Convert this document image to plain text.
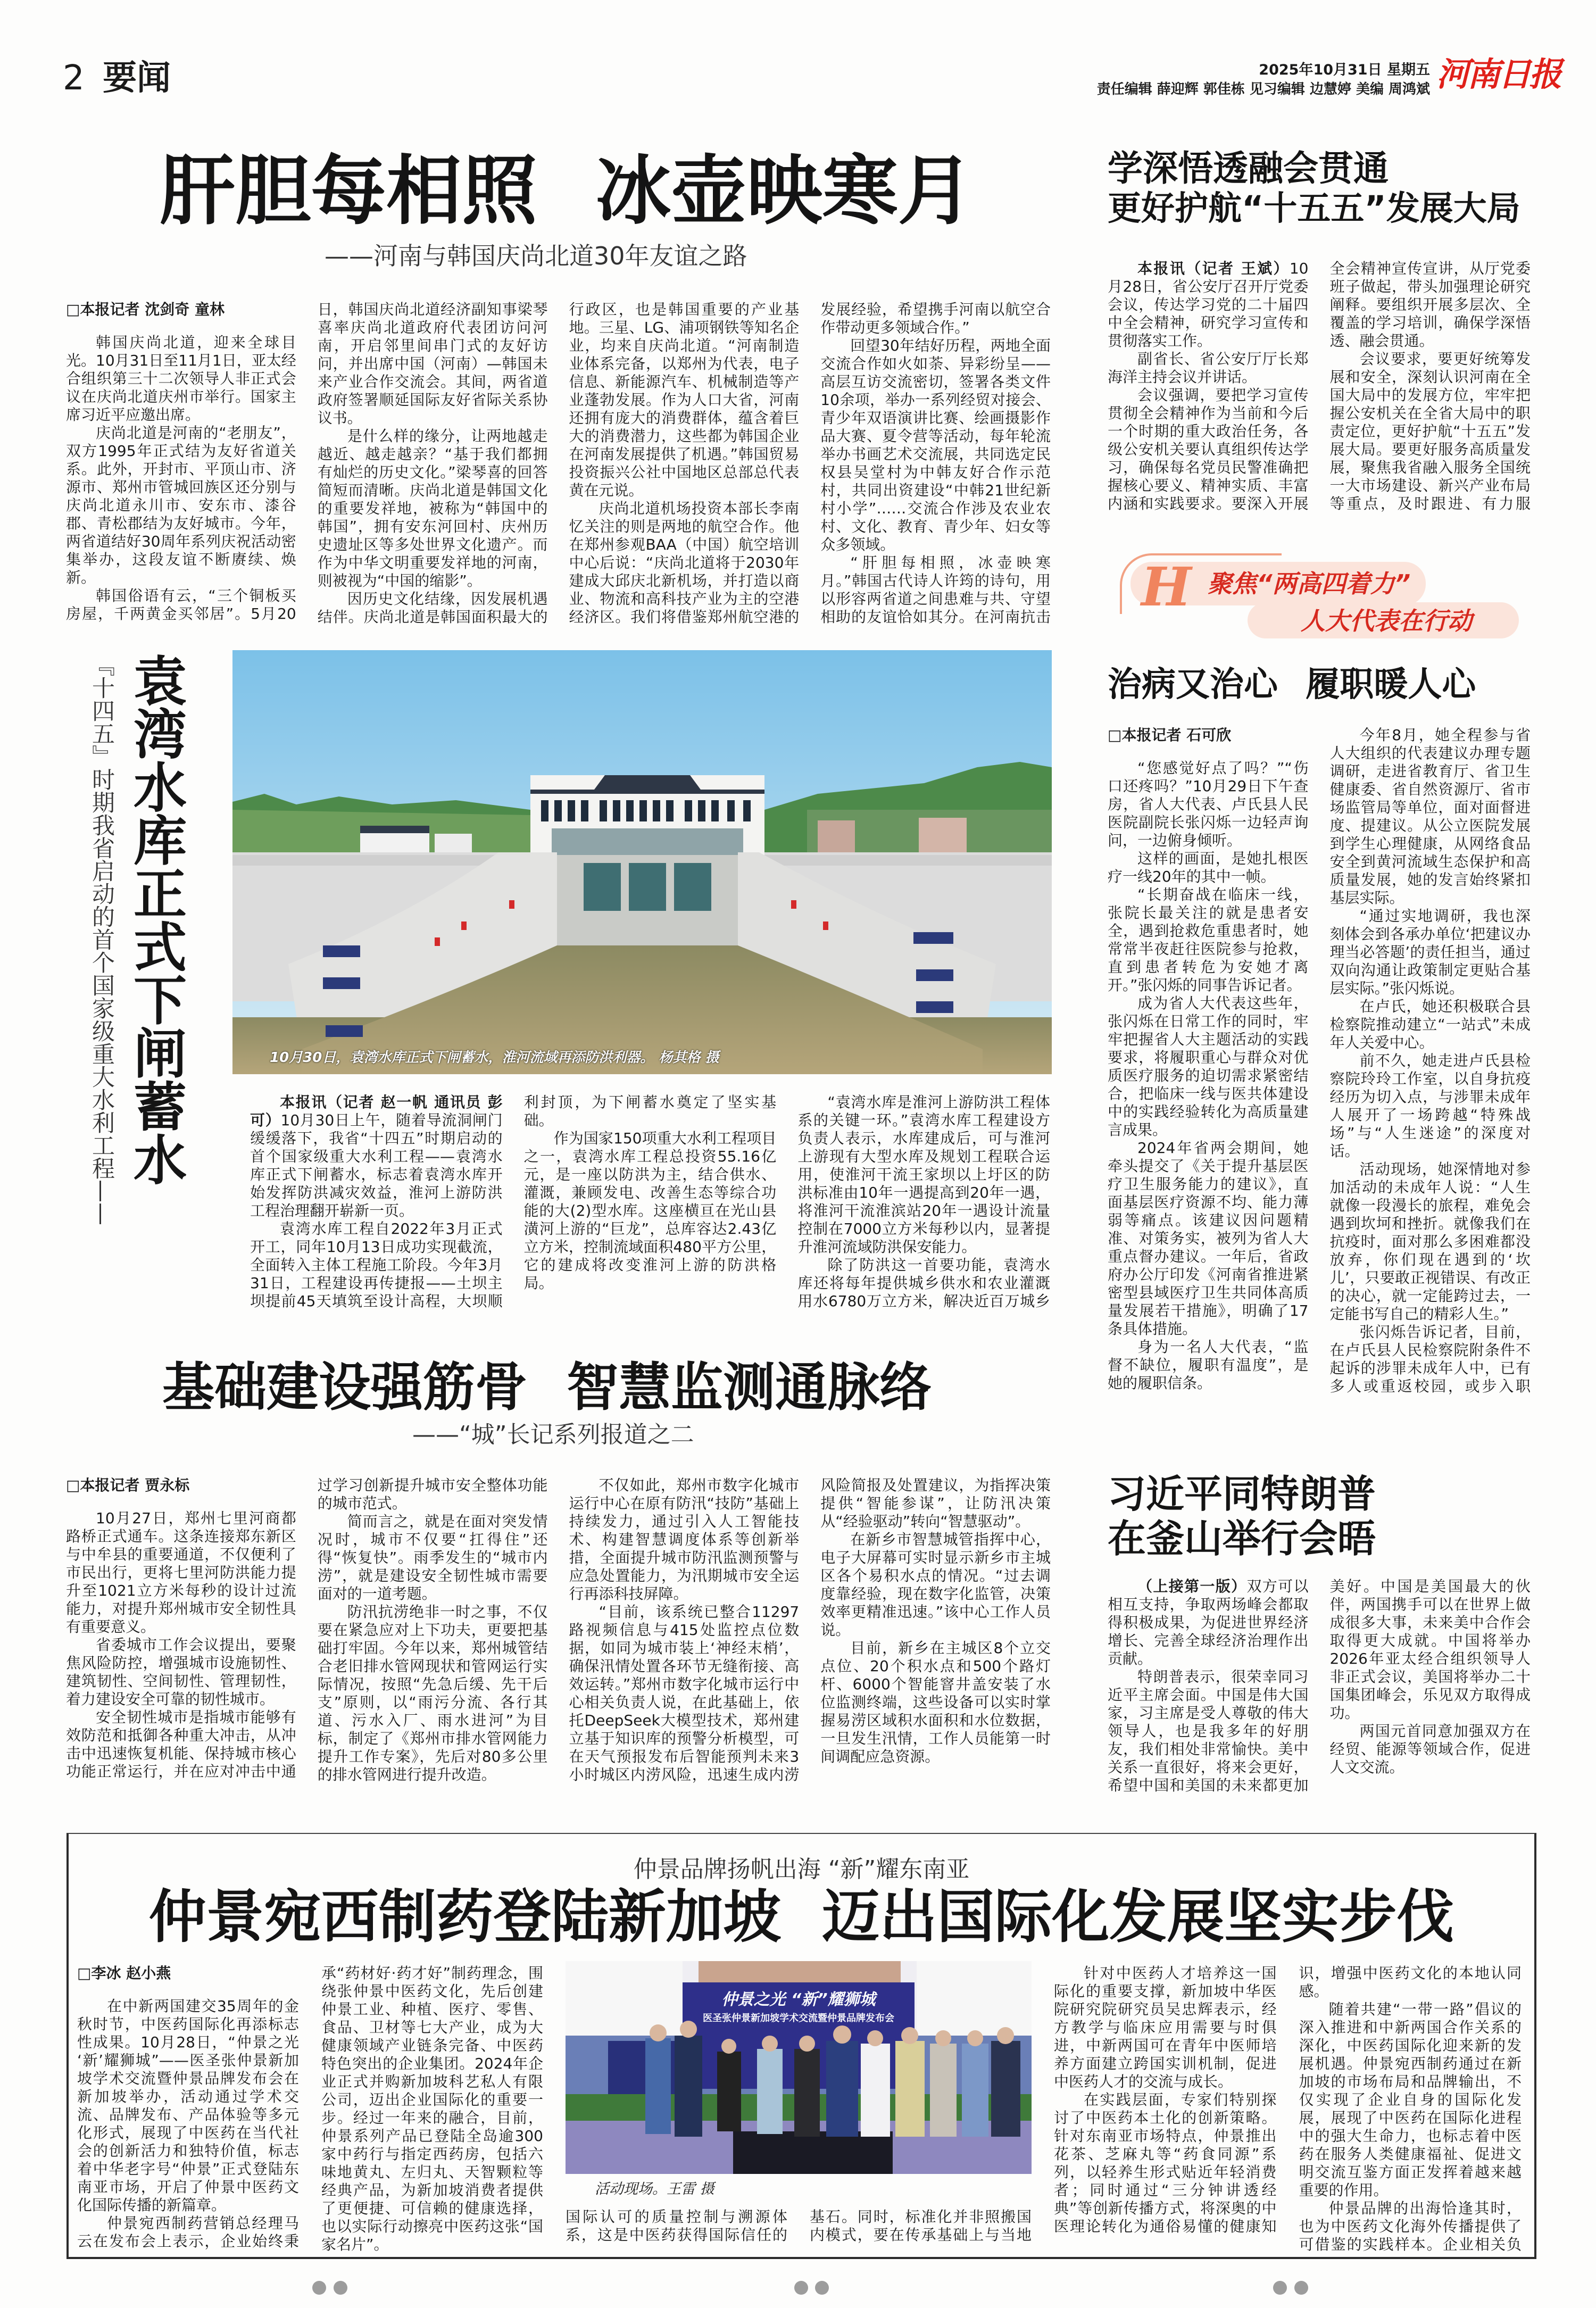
2 要闻	2025年10月31日 星期五
责任编辑 薛迎辉 郭佳栋 见习编辑 边慧婷 美编 周鸿斌 河南日报
肝胆每相照 冰壶映寒月
——河南与韩国庆尚北道30年友谊之路
□本报记者 沈剑奇 童林

韩国庆尚北道，迎来全球目光。10月31日至11月1日，亚太经合组织第三十二次领导人非正式会议在庆尚北道庆州市举行。国家主席习近平应邀出席。

庆尚北道是河南的“老朋友”，双方1995年正式结为友好省道关系。此外，开封市、平顶山市、济源市、郑州市管城回族区还分别与庆尚北道永川市、安东市、漆谷郡、青松郡结为友好城市。今年，两省道结好30周年系列庆祝活动密集举办，这段友谊不断赓续、焕新。

韩国俗语有云，“三个铜板买房屋，千两黄金买邻居”。5月20日，韩国庆尚北道经济副知事梁琴喜率庆尚北道政府代表团访问河南，开启邻里间串门式的友好访问，并出席中国（河南）—韩国未来产业合作交流会。其间，两省道政府签署顺延国际友好省际关系协议书。

是什么样的缘分，让两地越走越近、越走越亲？“基于我们都拥有灿烂的历史文化。”梁琴喜的回答简短而清晰。庆尚北道是韩国文化的重要发祥地，被称为“韩国中的韩国”，拥有安东河回村、庆州历史遗址区等多处世界文化遗产。而作为中华文明重要发祥地的河南，则被视为“中国的缩影”。

因历史文化结缘，因发展机遇结伴。庆尚北道是韩国面积最大的行政区，也是韩国重要的产业基地。三星、LG、浦项钢铁等知名企业，均来自庆尚北道。“河南制造业体系完备，以郑州为代表，电子信息、新能源汽车、机械制造等产业蓬勃发展。作为人口大省，河南还拥有庞大的消费群体，蕴含着巨大的消费潜力，这些都为韩国企业在河南发展提供了机遇。”韩国贸易投资振兴公社中国地区总部总代表黄在元说。

庆尚北道机场投资本部长李南忆关注的则是两地的航空合作。他在郑州参观BAA（中国）航空培训中心后说：“庆尚北道将于2030年建成大邱庆北新机场，并打造以商业、物流和高科技产业为主的空港经济区。我们将借鉴郑州航空港的发展经验，希望携手河南以航空合作带动更多领域合作。”

回望30年结好历程，两地全面交流合作如火如荼、异彩纷呈——高层互访交流密切，签署各类文件10余项，举办一系列经贸对接会、青少年双语演讲比赛、绘画摄影作品大赛、夏令营等活动，每年轮流举办书画艺术交流展，共同选定民权县吴堂村为中韩友好合作示范村，共同出资建设“中韩21世纪新村小学”……交流合作涉及农业农村、文化、教育、青少年、妇女等众多领域。

“肝胆每相照，冰壶映寒月。”韩国古代诗人许筠的诗句，用以形容两省道之间患难与共、守望相助的友谊恰如其分。在河南抗击

学深悟透融会贯通
更好护航“十五五”发展大局

本报讯（记者 王斌）10月28日，省公安厅召开厅党委会议，传达学习党的二十届四中全会精神，研究学习宣传和贯彻落实工作。

副省长、省公安厅厅长郑海洋主持会议并讲话。

会议强调，要把学习宣传贯彻全会精神作为当前和今后一个时期的重大政治任务，各级公安机关要认真组织传达学习，确保每名党员民警准确把握核心要义、精神实质、丰富内涵和实践要求。要深入开展全会精神宣传宣讲，从厅党委班子做起，带头加强理论研究阐释。要组织开展多层次、全覆盖的学习培训，确保学深悟透、融会贯通。

会议要求，要更好统筹发展和安全，深刻认识河南在全国大局中的发展方位，牢牢把握公安机关在全省大局中的职责定位，更好护航“十五五”发展大局。要更好服务高质量发展，聚焦我省融入服务全国统一大市场建设、新兴产业布局等重点，及时跟进、有力服

H 聚焦“两高四着力”
人大代表在行动
治病又治心 履职暖人心
□本报记者 石可欣

“您感觉好点了吗？”“伤口还疼吗？”10月29日下午查房，省人大代表、卢氏县人民医院副院长张闪烁一边轻声询问，一边俯身倾听。

这样的画面，是她扎根医疗一线20年的其中一帧。

“长期奋战在临床一线，张院长最关注的就是患者安全，遇到抢救危重患者时，她常常半夜赶往医院参与抢救，直到患者转危为安她才离开。”张闪烁的同事告诉记者。

成为省人大代表这些年，张闪烁在日常工作的同时，牢牢把握省人大主题活动的实践要求，将履职重心与群众对优质医疗服务的迫切需求紧密结合，把临床一线与医共体建设中的实践经验转化为高质量建言成果。

2024年省两会期间，她牵头提交了《关于提升基层医疗卫生服务能力的建议》，直面基层医疗资源不均、能力薄弱等痛点。该建议因问题精准、对策务实，被列为省人大重点督办建议。一年后，省政府办公厅印发《河南省推进紧密型县域医疗卫生共同体高质量发展若干措施》，明确了17条具体措施。

身为一名人大代表，“监督不缺位，履职有温度”，是她的履职信条。

今年8月，她全程参与省人大组织的代表建议办理专题调研，走进省教育厅、省卫生健康委、省自然资源厅、省市场监管局等单位，面对面督进度、提建议。从公立医院发展到学生心理健康，从网络食品安全到黄河流域生态保护和高质量发展，她的发言始终紧扣基层实际。

“通过实地调研，我也深刻体会到各承办单位‘把建议办理当必答题’的责任担当，通过双向沟通让政策制定更贴合基层实际。”张闪烁说。

在卢氏，她还积极联合县检察院推动建立“一站式”未成年人关爱中心。

前不久，她走进卢氏县检察院玲玲工作室，以自身抗疫经历为切入点，与涉罪未成年人展开了一场跨越“特殊战场”与“人生迷途”的深度对话。

活动现场，她深情地对参加活动的未成年人说：“人生就像一段漫长的旅程，难免会遇到坎坷和挫折。就像我们在抗疫时，面对那么多困难都没放弃，你们现在遇到的‘坎儿’，只要敢正视错误、有改正的决心，就一定能跨过去，一定能书写自己的精彩人生。”

张闪烁告诉记者，目前，在卢氏县人民检察院附条件不起诉的涉罪未成年人中，已有多人或重返校园，或步入职

袁湾水库正式下闸蓄水
『十四五』时期我省启动的首个国家级重大水利工程——	10月30日，袁湾水库正式下闸蓄水，淮河流域再添防洪利器。 杨其格 摄

本报讯（记者 赵一帆 通讯员 彭可）10月30日上午，随着导流洞闸门缓缓落下，我省“十四五”时期启动的首个国家级重大水利工程——袁湾水库正式下闸蓄水，标志着袁湾水库开始发挥防洪减灾效益，淮河上游防洪工程治理翻开崭新一页。

袁湾水库工程自2022年3月正式开工，同年10月13日成功实现截流，全面转入主体工程施工阶段。今年3月31日，工程建设再传捷报——土坝主坝提前45天填筑至设计高程，大坝顺利封顶，为下闸蓄水奠定了坚实基础。

作为国家150项重大水利工程项目之一，袁湾水库工程总投资55.16亿元，是一座以防洪为主，结合供水、灌溉，兼顾发电、改善生态等综合功能的大(2)型水库。这座横亘在光山县潢河上游的“巨龙”，总库容达2.43亿立方米，控制流域面积480平方公里，它的建成将改变淮河上游的防洪格局。

“袁湾水库是淮河上游防洪工程体系的关键一环。”袁湾水库工程建设方负责人表示，水库建成后，可与淮河上游现有大型水库及规划工程联合运用，使淮河干流王家坝以上圩区的防洪标准由10年一遇提高到20年一遇，将淮河干流淮滨站20年一遇设计流量控制在7000立方米每秒以内，显著提升淮河流域防洪保安能力。

除了防洪这一首要功能，袁湾水库还将每年提供城乡供水和农业灌溉用水6780万立方米，解决近百万城乡

基础建设强筋骨 智慧监测通脉络
——“城”长记系列报道之二
□本报记者 贾永标

10月27日，郑州七里河商都路桥正式通车。这条连接郑东新区与中牟县的重要通道，不仅便利了市民出行，更将七里河防洪能力提升至1021立方米每秒的设计过流能力，对提升郑州城市安全韧性具有重要意义。

省委城市工作会议提出，要聚焦风险防控，增强城市设施韧性、建筑韧性、空间韧性、管理韧性，着力建设安全可靠的韧性城市。

安全韧性城市是指城市能够有效防范和抵御各种重大冲击，从冲击中迅速恢复机能、保持城市核心功能正常运行，并在应对冲击中通过学习创新提升城市安全整体功能的城市范式。

简而言之，就是在面对突发情况时，城市不仅要“扛得住”还得“恢复快”。雨季发生的“城市内涝”，就是建设安全韧性城市需要面对的一道考题。

防汛抗涝绝非一时之事，不仅要在紧急应对上下功夫，更要把基础打牢固。今年以来，郑州城管结合老旧排水管网现状和管网运行实际情况，按照“先急后缓、先干后支”原则，以“雨污分流、各行其道、污水入厂、雨水进河”为目标，制定了《郑州市排水管网能力提升工作专案》，先后对80多公里的排水管网进行提升改造。

不仅如此，郑州市数字化城市运行中心在原有防汛“技防”基础上持续发力，通过引入人工智能技术、构建智慧调度体系等创新举措，全面提升城市防汛监测预警与应急处置能力，为汛期城市安全运行再添科技屏障。

“目前，该系统已整合11297路视频信息与415处监控点位数据，如同为城市装上‘神经末梢’，确保汛情处置各环节无缝衔接、高效运转。”郑州市数字化城市运行中心相关负责人说，在此基础上，依托DeepSeek大模型技术，郑州建立基于知识库的预警分析模型，可在天气预报发布后智能预判未来3小时城区内涝风险，迅速生成内涝风险简报及处置建议，为指挥决策提供“智能参谋”，让防汛决策从“经验驱动”转向“智慧驱动”。

在新乡市智慧城管指挥中心，电子大屏幕可实时显示新乡市主城区各个易积水点的情况。“过去调度靠经验，现在数字化监管，决策效率更精准迅速。”该中心工作人员说。

目前，新乡在主城区8个立交点位、20个积水点和500个路灯杆、6000个智能窨井盖安装了水位监测终端，这些设备可以实时掌握易涝区域积水面积和水位数据，一旦发生汛情，工作人员能第一时间调配应急资源。

习近平同特朗普
在釜山举行会晤

（上接第一版）双方可以相互支持，争取两场峰会都取得积极成果，为促进世界经济增长、完善全球经济治理作出贡献。

特朗普表示，很荣幸同习近平主席会面。中国是伟大国家，习主席是受人尊敬的伟大领导人，也是我多年的好朋友，我们相处非常愉快。美中关系一直很好，将来会更好，希望中国和美国的未来都更加美好。中国是美国最大的伙伴，两国携手可以在世界上做成很多大事，未来美中合作会取得更大成就。中国将举办2026年亚太经合组织领导人非正式会议，美国将举办二十国集团峰会，乐见双方取得成功。

两国元首同意加强双方在经贸、能源等领域合作，促进人文交流。

仲景品牌扬帆出海 “新”耀东南亚
仲景宛西制药登陆新加坡 迈出国际化发展坚实步伐
□李冰 赵小燕

在中新两国建交35周年的金秋时节，中医药国际化再添标志性成果。10月28日，“仲景之光 ‘新’耀狮城”——医圣张仲景新加坡学术交流暨仲景品牌发布会在新加坡举办，活动通过学术交流、品牌发布、产品体验等多元化形式，展现了中医药在当代社会的创新活力和独特价值，标志着中华老字号“仲景”正式登陆东南亚市场，开启了仲景中医药文化国际传播的新篇章。

仲景宛西制药营销总经理马云在发布会上表示，企业始终秉承“药材好·药才好”制药理念，围绕张仲景中医药文化，先后创建仲景工业、种植、医疗、零售、食品、卫材等七大产业，成为大健康领域产业链条完备、中医药特色突出的企业集团。2024年企业正式并购新加坡科艺私人有限公司，迈出企业国际化的重要一步。经过一年来的融合，目前，仲景系列产品已登陆全岛逾300家中药行与指定西药房，包括六味地黄丸、左归丸、天智颗粒等经典产品，为新加坡消费者提供了更便捷、可信赖的健康选择，也以实际行动擦亮中医药这张“国家名片”。

仲景之光 “新”耀狮城
医圣张仲景新加坡学术交流暨仲景品牌发布会
活动现场。王雷 摄

国际认可的质量控制与溯源体系，这是中医药获得国际信任的基石。同时，标准化并非照搬国内模式，要在传承基础上与当地

针对中医药人才培养这一国际化的重要支撑，新加坡中华医院研究院研究员吴忠辉表示，经方教学与临床应用需要与时俱进，中新两国可在青年中医师培养方面建立跨国实训机制，促进中医药人才的交流与成长。

在实践层面，专家们特别探讨了中医药本土化的创新策略。针对东南亚市场特点，仲景推出花茶、芝麻丸等“药食同源”系列，以轻养生形式贴近年轻消费者；同时通过“三分钟讲透经典”等创新传播方式，将深奥的中医理论转化为通俗易懂的健康知识，增强中医药文化的本地认同感。

随着共建“一带一路”倡议的深入推进和中新两国合作关系的深化，中医药国际化迎来新的发展机遇。仲景宛西制药通过在新加坡的市场布局和品牌输出，不仅实现了企业自身的国际化发展，展现了中医药在国际化进程中的强大生命力，也标志着中医药在服务人类健康福祉、促进文明交流互鉴方面正发挥着越来越重要的作用。

仲景品牌的出海恰逢其时，也为中医药文化海外传播提供了可借鉴的实践样本。企业相关负
